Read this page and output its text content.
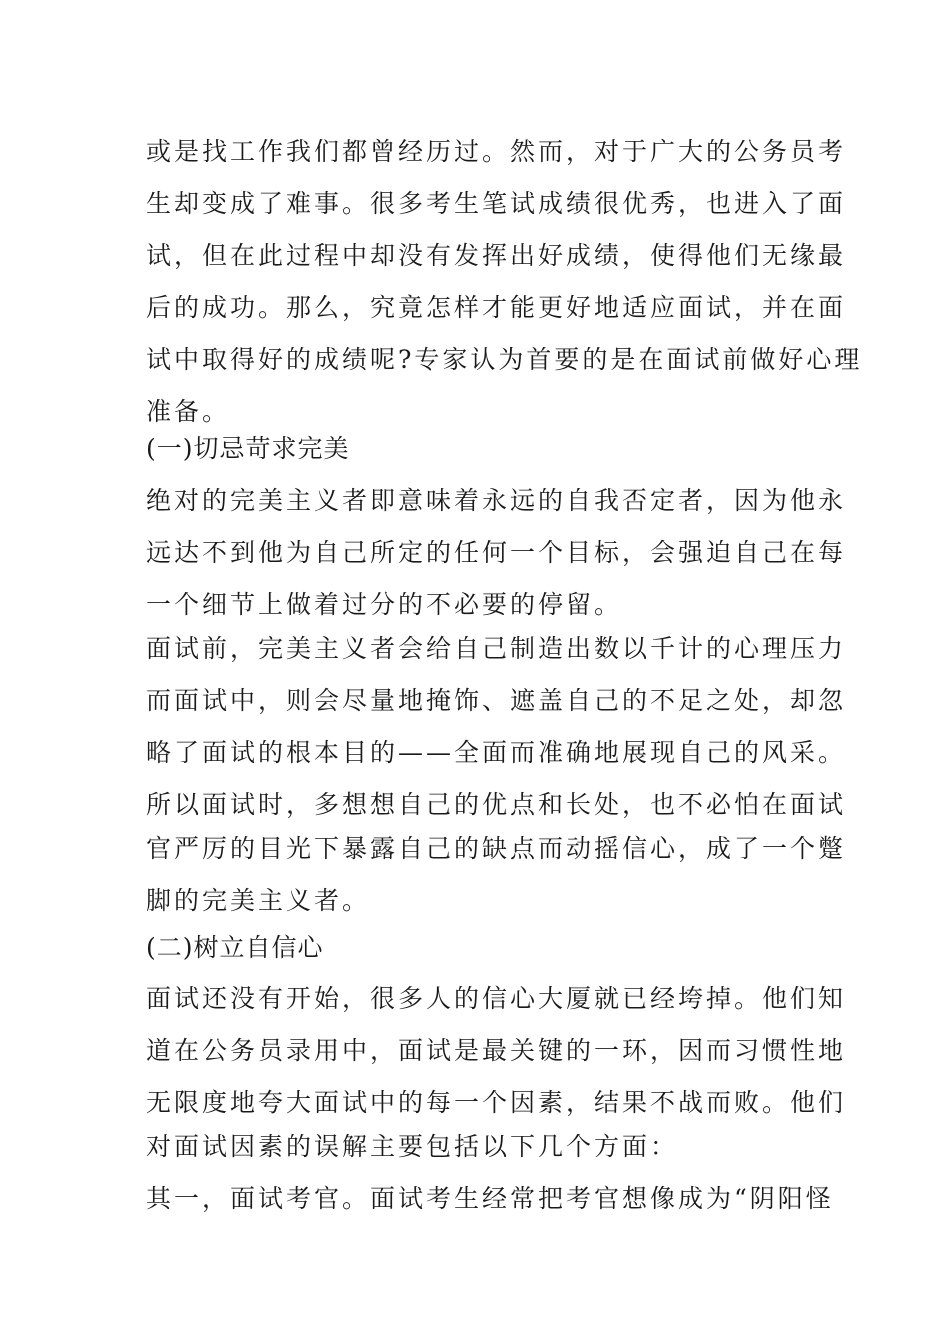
或是找工作我们都曾经历过。然而，对于广大的公务员考
生却变成了难事。很多考生笔试成绩很优秀，也进入了面
试，但在此过程中却没有发挥出好成绩，使得他们无缘最
后的成功。那么，究竟怎样才能更好地适应面试，并在面
试中取得好的成绩呢?专家认为首要的是在面试前做好心理
准备。
(一)切忌苛求完美
绝对的完美主义者即意味着永远的自我否定者，因为他永
远达不到他为自己所定的任何一个目标，会强迫自己在每
一个细节上做着过分的不必要的停留。
面试前，完美主义者会给自己制造出数以千计的心理压力
而面试中，则会尽量地掩饰、遮盖自己的不足之处，却忽
略了面试的根本目的——全面而准确地展现自己的风采。
所以面试时，多想想自己的优点和长处，也不必怕在面试
官严厉的目光下暴露自己的缺点而动摇信心，成了一个蹩
脚的完美主义者。
(二)树立自信心
面试还没有开始，很多人的信心大厦就已经垮掉。他们知
道在公务员录用中，面试是最关键的一环，因而习惯性地
无限度地夸大面试中的每一个因素，结果不战而败。他们
对面试因素的误解主要包括以下几个方面：
其一，面试考官。面试考生经常把考官想像成为“阴阳怪
